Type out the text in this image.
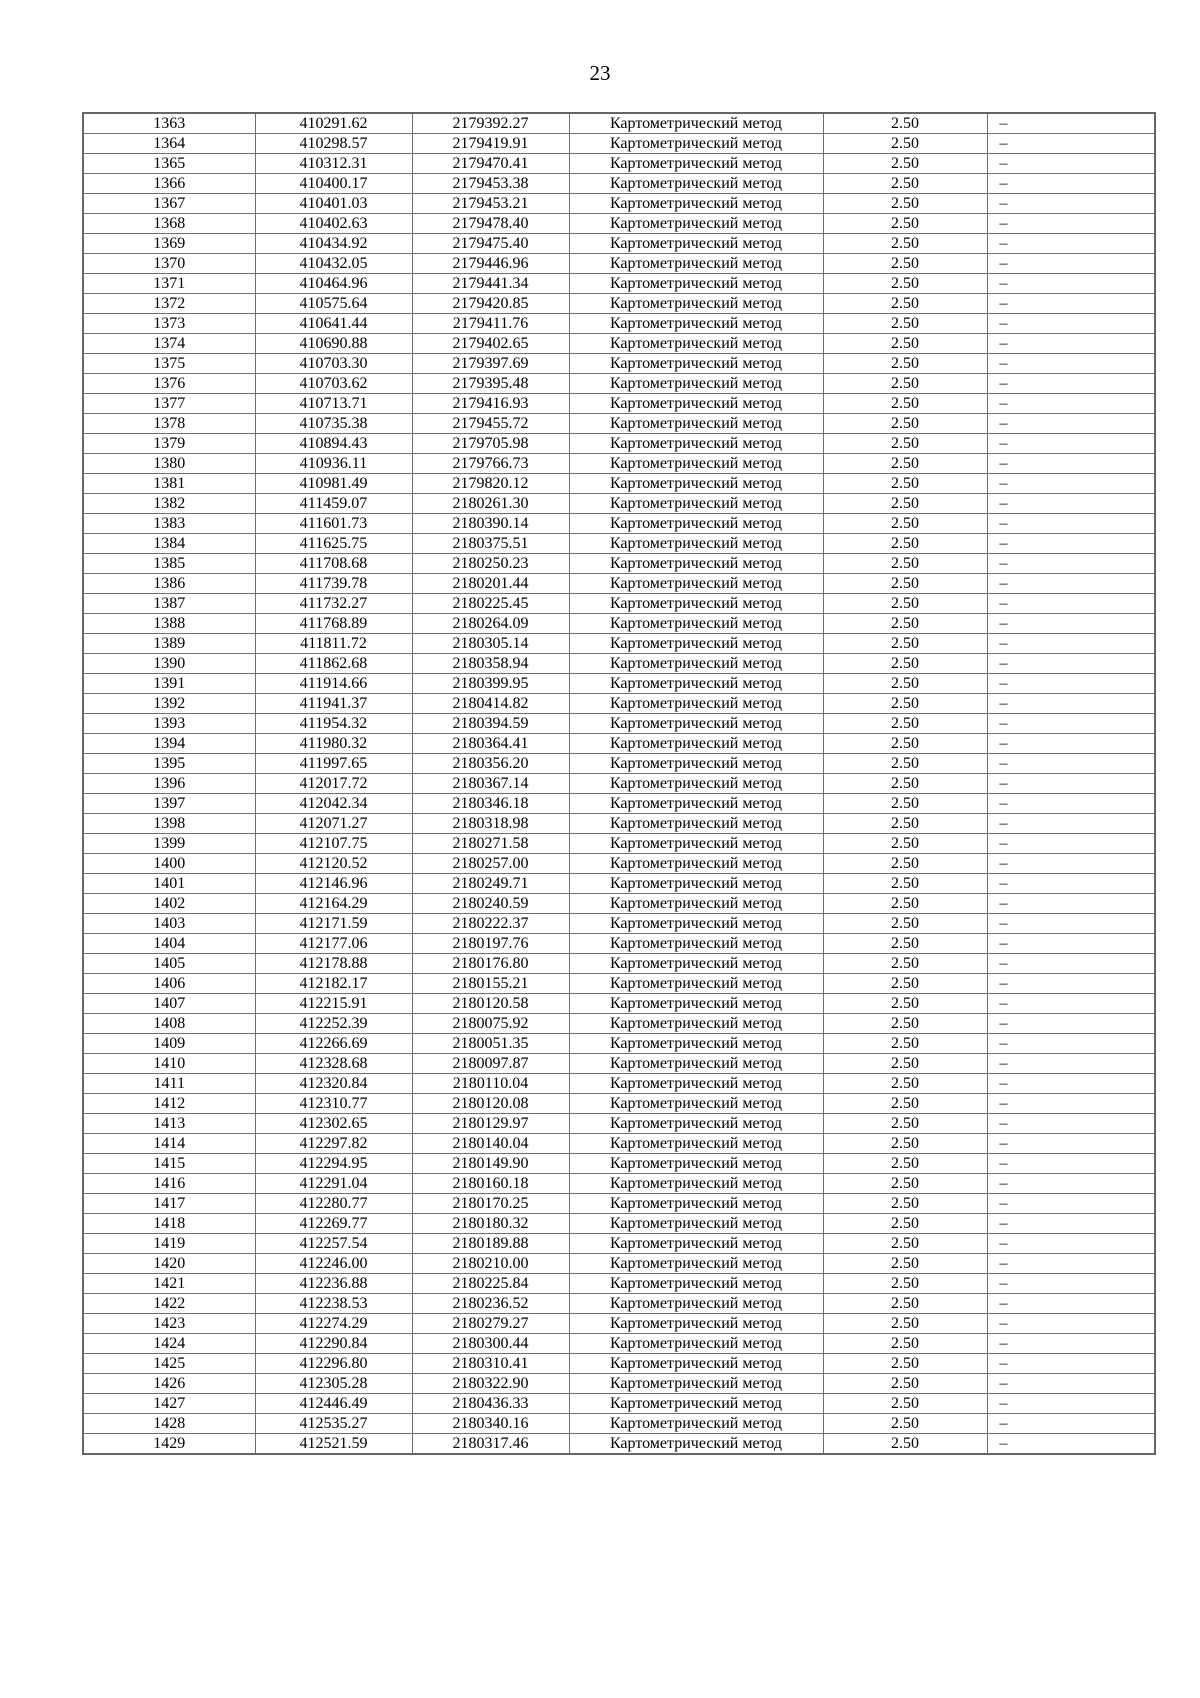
23
1363	410291.62	2179392.27	Картометрический метод	2.50	–
1364	410298.57	2179419.91	Картометрический метод	2.50	–
1365	410312.31	2179470.41	Картометрический метод	2.50	–
1366	410400.17	2179453.38	Картометрический метод	2.50	–
1367	410401.03	2179453.21	Картометрический метод	2.50	–
1368	410402.63	2179478.40	Картометрический метод	2.50	–
1369	410434.92	2179475.40	Картометрический метод	2.50	–
1370	410432.05	2179446.96	Картометрический метод	2.50	–
1371	410464.96	2179441.34	Картометрический метод	2.50	–
1372	410575.64	2179420.85	Картометрический метод	2.50	–
1373	410641.44	2179411.76	Картометрический метод	2.50	–
1374	410690.88	2179402.65	Картометрический метод	2.50	–
1375	410703.30	2179397.69	Картометрический метод	2.50	–
1376	410703.62	2179395.48	Картометрический метод	2.50	–
1377	410713.71	2179416.93	Картометрический метод	2.50	–
1378	410735.38	2179455.72	Картометрический метод	2.50	–
1379	410894.43	2179705.98	Картометрический метод	2.50	–
1380	410936.11	2179766.73	Картометрический метод	2.50	–
1381	410981.49	2179820.12	Картометрический метод	2.50	–
1382	411459.07	2180261.30	Картометрический метод	2.50	–
1383	411601.73	2180390.14	Картометрический метод	2.50	–
1384	411625.75	2180375.51	Картометрический метод	2.50	–
1385	411708.68	2180250.23	Картометрический метод	2.50	–
1386	411739.78	2180201.44	Картометрический метод	2.50	–
1387	411732.27	2180225.45	Картометрический метод	2.50	–
1388	411768.89	2180264.09	Картометрический метод	2.50	–
1389	411811.72	2180305.14	Картометрический метод	2.50	–
1390	411862.68	2180358.94	Картометрический метод	2.50	–
1391	411914.66	2180399.95	Картометрический метод	2.50	–
1392	411941.37	2180414.82	Картометрический метод	2.50	–
1393	411954.32	2180394.59	Картометрический метод	2.50	–
1394	411980.32	2180364.41	Картометрический метод	2.50	–
1395	411997.65	2180356.20	Картометрический метод	2.50	–
1396	412017.72	2180367.14	Картометрический метод	2.50	–
1397	412042.34	2180346.18	Картометрический метод	2.50	–
1398	412071.27	2180318.98	Картометрический метод	2.50	–
1399	412107.75	2180271.58	Картометрический метод	2.50	–
1400	412120.52	2180257.00	Картометрический метод	2.50	–
1401	412146.96	2180249.71	Картометрический метод	2.50	–
1402	412164.29	2180240.59	Картометрический метод	2.50	–
1403	412171.59	2180222.37	Картометрический метод	2.50	–
1404	412177.06	2180197.76	Картометрический метод	2.50	–
1405	412178.88	2180176.80	Картометрический метод	2.50	–
1406	412182.17	2180155.21	Картометрический метод	2.50	–
1407	412215.91	2180120.58	Картометрический метод	2.50	–
1408	412252.39	2180075.92	Картометрический метод	2.50	–
1409	412266.69	2180051.35	Картометрический метод	2.50	–
1410	412328.68	2180097.87	Картометрический метод	2.50	–
1411	412320.84	2180110.04	Картометрический метод	2.50	–
1412	412310.77	2180120.08	Картометрический метод	2.50	–
1413	412302.65	2180129.97	Картометрический метод	2.50	–
1414	412297.82	2180140.04	Картометрический метод	2.50	–
1415	412294.95	2180149.90	Картометрический метод	2.50	–
1416	412291.04	2180160.18	Картометрический метод	2.50	–
1417	412280.77	2180170.25	Картометрический метод	2.50	–
1418	412269.77	2180180.32	Картометрический метод	2.50	–
1419	412257.54	2180189.88	Картометрический метод	2.50	–
1420	412246.00	2180210.00	Картометрический метод	2.50	–
1421	412236.88	2180225.84	Картометрический метод	2.50	–
1422	412238.53	2180236.52	Картометрический метод	2.50	–
1423	412274.29	2180279.27	Картометрический метод	2.50	–
1424	412290.84	2180300.44	Картометрический метод	2.50	–
1425	412296.80	2180310.41	Картометрический метод	2.50	–
1426	412305.28	2180322.90	Картометрический метод	2.50	–
1427	412446.49	2180436.33	Картометрический метод	2.50	–
1428	412535.27	2180340.16	Картометрический метод	2.50	–
1429	412521.59	2180317.46	Картометрический метод	2.50	–
